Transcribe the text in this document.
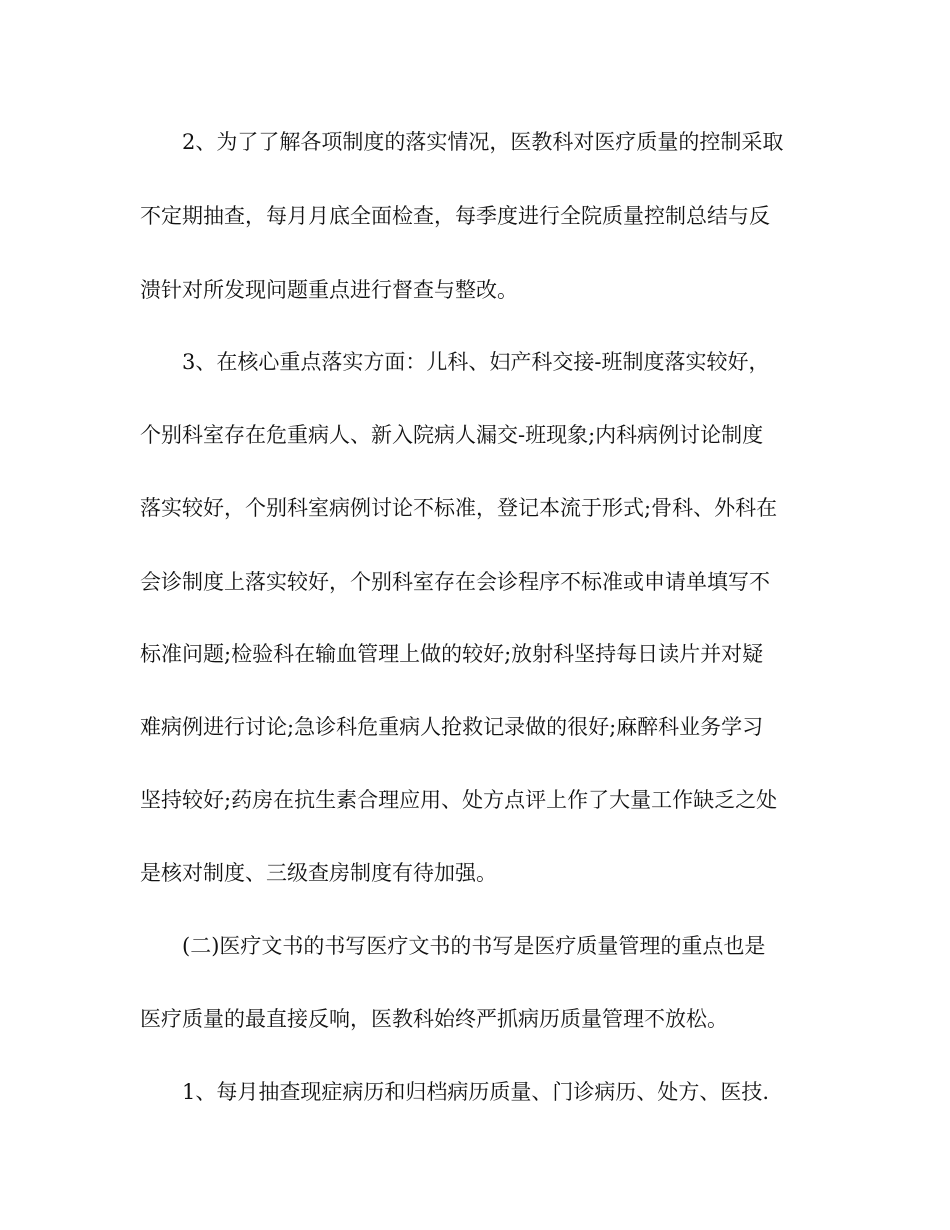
2、为了了解各项制度的落实情况，医教科对医疗质量的控制采取
不定期抽查，每月月底全面检查，每季度进行全院质量控制总结与反
溃针对所发现问题重点进行督查与整改。
3、在核心重点落实方面：儿科、妇产科交接-班制度落实较好，
个别科室存在危重病人、新入院病人漏交-班现象;内科病例讨论制度
落实较好，个别科室病例讨论不标准，登记本流于形式;骨科、外科在
会诊制度上落实较好，个别科室存在会诊程序不标准或申请单填写不
标准问题;检验科在输血管理上做的较好;放射科坚持每日读片并对疑
难病例进行讨论;急诊科危重病人抢救记录做的很好;麻醉科业务学习
坚持较好;药房在抗生素合理应用、处方点评上作了大量工作缺乏之处
是核对制度、三级查房制度有待加强。
(二)医疗文书的书写医疗文书的书写是医疗质量管理的重点也是
医疗质量的最直接反响，医教科始终严抓病历质量管理不放松。
1、每月抽查现症病历和归档病历质量、门诊病历、处方、医技.
